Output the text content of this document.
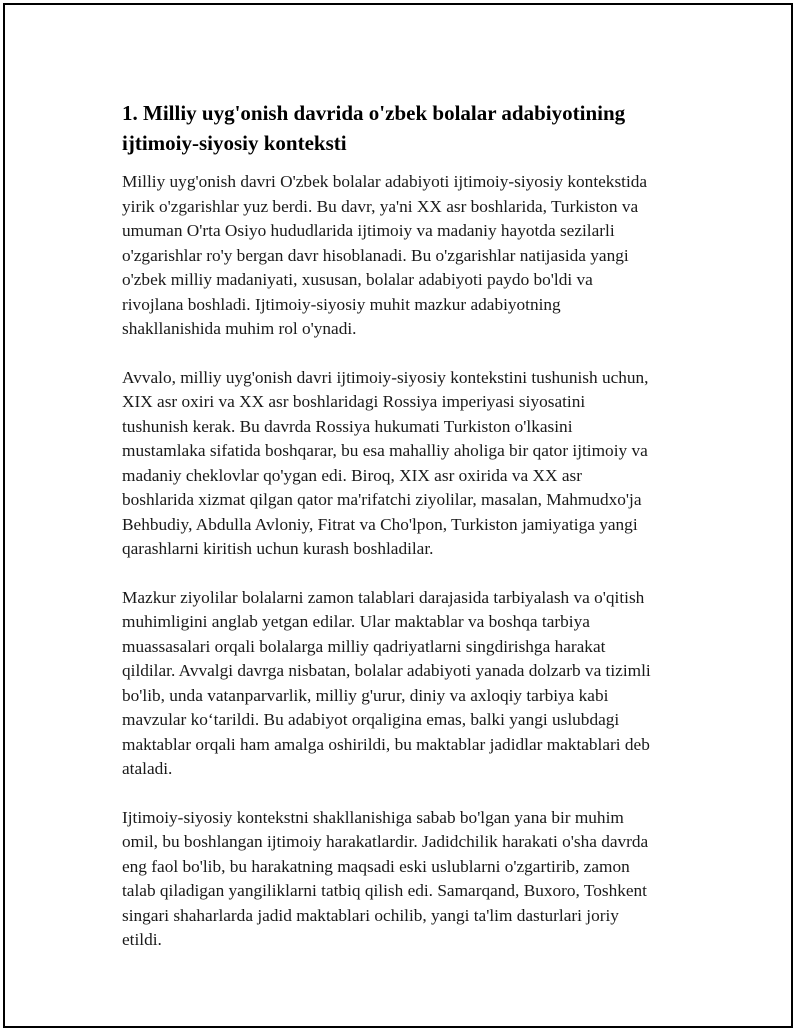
1. Milliy uyg'onish davrida o'zbek bolalar adabiyotining
ijtimoiy-siyosiy konteksti

Milliy uyg'onish davri O'zbek bolalar adabiyoti ijtimoiy-siyosiy kontekstida
yirik o'zgarishlar yuz berdi. Bu davr, ya'ni XX asr boshlarida, Turkiston va
umuman O'rta Osiyo hududlarida ijtimoiy va madaniy hayotda sezilarli
o'zgarishlar ro'y bergan davr hisoblanadi. Bu o'zgarishlar natijasida yangi
o'zbek milliy madaniyati, xususan, bolalar adabiyoti paydo bo'ldi va
rivojlana boshladi. Ijtimoiy-siyosiy muhit mazkur adabiyotning
shakllanishida muhim rol o'ynadi.

Avvalo, milliy uyg'onish davri ijtimoiy-siyosiy kontekstini tushunish uchun,
XIX asr oxiri va XX asr boshlaridagi Rossiya imperiyasi siyosatini
tushunish kerak. Bu davrda Rossiya hukumati Turkiston o'lkasini
mustamlaka sifatida boshqarar, bu esa mahalliy aholiga bir qator ijtimoiy va
madaniy cheklovlar qo'ygan edi. Biroq, XIX asr oxirida va XX asr
boshlarida xizmat qilgan qator ma'rifatchi ziyolilar, masalan, Mahmudxo'ja
Behbudiy, Abdulla Avloniy, Fitrat va Cho'lpon, Turkiston jamiyatiga yangi
qarashlarni kiritish uchun kurash boshladilar.

Mazkur ziyolilar bolalarni zamon talablari darajasida tarbiyalash va o'qitish
muhimligini anglab yetgan edilar. Ular maktablar va boshqa tarbiya
muassasalari orqali bolalarga milliy qadriyatlarni singdirishga harakat
qildilar. Avvalgi davrga nisbatan, bolalar adabiyoti yanada dolzarb va tizimli
bo'lib, unda vatanparvarlik, milliy g'urur, diniy va axloqiy tarbiya kabi
mavzular ko‘tarildi. Bu adabiyot orqaligina emas, balki yangi uslubdagi
maktablar orqali ham amalga oshirildi, bu maktablar jadidlar maktablari deb
ataladi.

Ijtimoiy-siyosiy kontekstni shakllanishiga sabab bo'lgan yana bir muhim
omil, bu boshlangan ijtimoiy harakatlardir. Jadidchilik harakati o'sha davrda
eng faol bo'lib, bu harakatning maqsadi eski uslublarni o'zgartirib, zamon
talab qiladigan yangiliklarni tatbiq qilish edi. Samarqand, Buxoro, Toshkent
singari shaharlarda jadid maktablari ochilib, yangi ta'lim dasturlari joriy
etildi.
